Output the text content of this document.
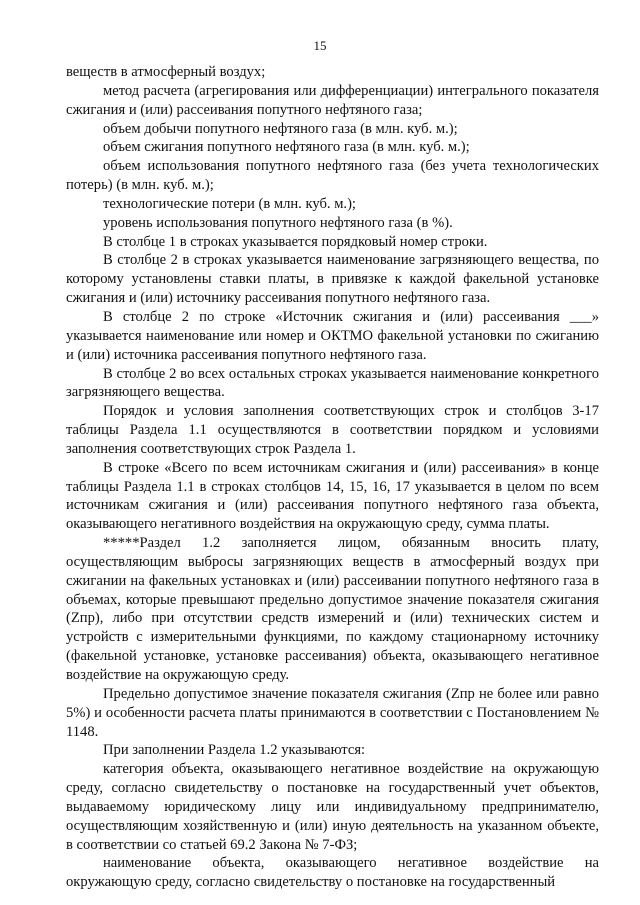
15

веществ в атмосферный воздух;

метод расчета (агрегирования или дифференциации) интегрального показателя сжигания и (или) рассеивания попутного нефтяного газа;

объем добычи попутного нефтяного газа (в млн. куб. м.);

объем сжигания попутного нефтяного газа (в млн. куб. м.);

объем использования попутного нефтяного газа (без учета технологических потерь) (в млн. куб. м.);

технологические потери (в млн. куб. м.);

уровень использования попутного нефтяного газа (в %).

В столбце 1 в строках указывается порядковый номер строки.

В столбце 2 в строках указывается наименование загрязняющего вещества, по которому установлены ставки платы, в привязке к каждой факельной установке сжигания и (или) источнику рассеивания попутного нефтяного газа.

В столбце 2 по строке «Источник сжигания и (или) рассеивания ___» указывается наименование или номер и ОКТМО факельной установки по сжиганию и (или) источника рассеивания попутного нефтяного газа.

В столбце 2 во всех остальных строках указывается наименование конкретного загрязняющего вещества.

Порядок и условия заполнения соответствующих строк и столбцов 3-17 таблицы Раздела 1.1 осуществляются в соответствии порядком и условиями заполнения соответствующих строк Раздела 1.

В строке «Всего по всем источникам сжигания и (или) рассеивания» в конце таблицы Раздела 1.1 в строках столбцов 14, 15, 16, 17 указывается в целом по всем источникам сжигания и (или) рассеивания попутного нефтяного газа объекта, оказывающего негативного воздействия на окружающую среду, сумма платы.

*****Раздел 1.2 заполняется лицом, обязанным вносить плату, осуществляющим выбросы загрязняющих веществ в атмосферный воздух при сжигании на факельных установках и (или) рассеивании попутного нефтяного газа в объемах, которые превышают предельно допустимое значение показателя сжигания (Zпр), либо при отсутствии средств измерений и (или) технических систем и устройств с измерительными функциями, по каждому стационарному источнику (факельной установке, установке рассеивания) объекта, оказывающего негативное воздействие на окружающую среду.

Предельно допустимое значение показателя сжигания (Zпр не более или равно 5%) и особенности расчета платы принимаются в соответствии с Постановлением № 1148.

При заполнении Раздела 1.2 указываются:

категория объекта, оказывающего негативное воздействие на окружающую среду, согласно свидетельству о постановке на государственный учет объектов, выдаваемому юридическому лицу или индивидуальному предпринимателю, осуществляющим хозяйственную и (или) иную деятельность на указанном объекте, в соответствии со статьей 69.2 Закона № 7-ФЗ;

наименование объекта, оказывающего негативное воздействие на окружающую среду, согласно свидетельству о постановке на государственный
